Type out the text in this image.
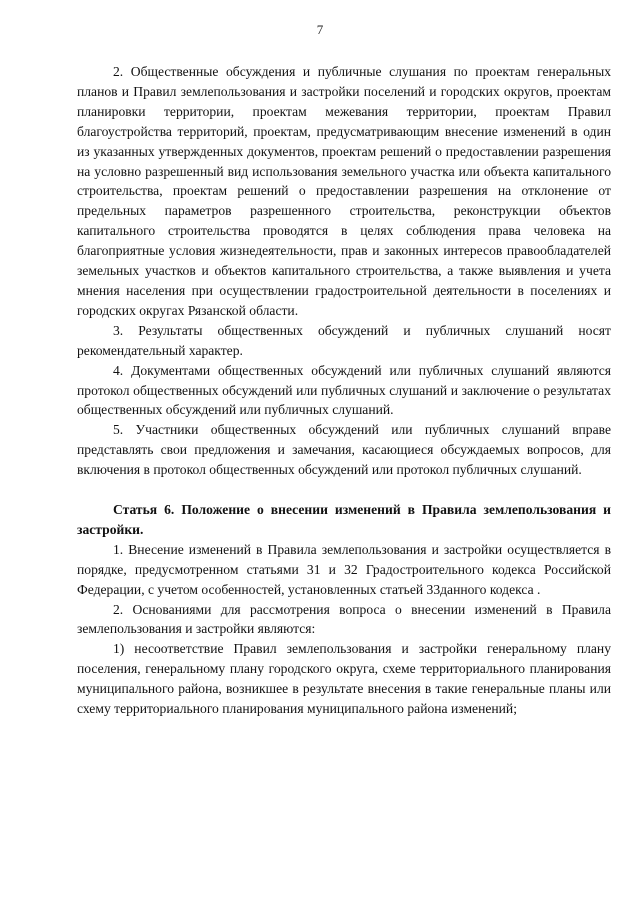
7

2. Общественные обсуждения и публичные слушания по проектам генеральных планов и Правил землепользования и застройки поселений и городских округов, проектам планировки территории, проектам межевания территории, проектам Правил благоустройства территорий, проектам, предусматривающим внесение изменений в один из указанных утвержденных документов, проектам решений о предоставлении разрешения на условно разрешенный вид использования земельного участка или объекта капитального строительства, проектам решений о предоставлении разрешения на отклонение от предельных параметров разрешенного строительства, реконструкции объектов капитального строительства проводятся в целях соблюдения права человека на благоприятные условия жизнедеятельности, прав и законных интересов правообладателей земельных участков и объектов капитального строительства, а также выявления и учета мнения населения при осуществлении градостроительной деятельности в поселениях и городских округах Рязанской области.

3. Результаты общественных обсуждений и публичных слушаний носят рекомендательный характер.

4. Документами общественных обсуждений или публичных слушаний являются протокол общественных обсуждений или публичных слушаний и заключение о результатах общественных обсуждений или публичных слушаний.

5. Участники общественных обсуждений или публичных слушаний вправе представлять свои предложения и замечания, касающиеся обсуждаемых вопросов, для включения в протокол общественных обсуждений или протокол публичных слушаний.

Статья 6. Положение о внесении изменений в Правила землепользования и застройки.

1. Внесение изменений в Правила землепользования и застройки осуществляется в порядке, предусмотренном статьями 31 и 32 Градостроительного кодекса Российской Федерации, с учетом особенностей, установленных статьей 33данного кодекса .

2. Основаниями для рассмотрения вопроса о внесении изменений в Правила землепользования и застройки являются:

1) несоответствие Правил землепользования и застройки генеральному плану поселения, генеральному плану городского округа, схеме территориального планирования муниципального района, возникшее в результате внесения в такие генеральные планы или схему территориального планирования муниципального района изменений;
